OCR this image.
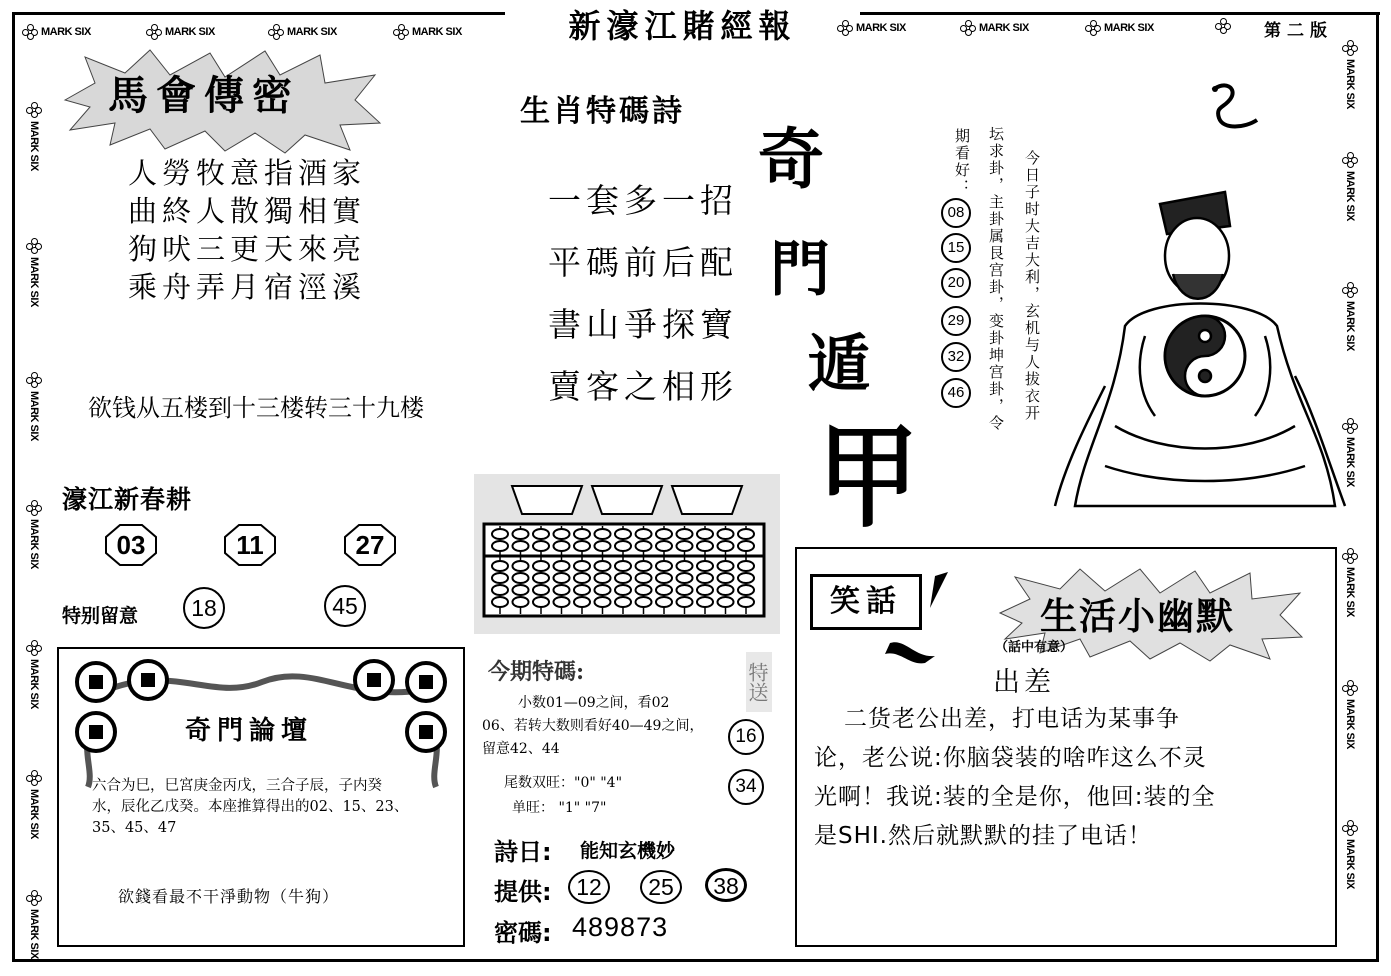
新濠江賭經報	第二版
馬會傳密
人勞牧意指酒家
曲終人散獨相實
狗吠三更天來亮
乘舟弄月宿涇溪
欲钱从五楼到十三楼转三十九楼
濠江新春耕
03	11	27
特别留意	18	45
奇門論壇
六合为巳，巳宮庚金丙戊，三合子辰，子内癸水，辰化乙戊癸。本座推算得出的02、15、23、35、45、47
欲錢看最不干淨動物（牛狗）
生肖特碼詩
一套多一招
平碼前后配
書山爭探寶
賣客之相形
奇
門
遁
甲
今日子时大吉大利，玄机与人拔衣开
坛求卦，主卦属艮宫卦，变卦坤宫卦，令
期看好：
08
15
20
29
32
46
今期特碼:	特送
小数01—09之间，看02
06、若转大数则看好40—49之间，
留意42、44
尾数双旺："0" "4"
单旺： "1" "7"
16
34
詩日: 能知玄機妙
提供:	12	25	38
密碼: 489873
笑話	生活小幽默
（話中有意）
出差
二货老公出差，打电话为某事争
论，老公说:你脑袋装的啥咋这么不灵
光啊！我说:装的全是你，他回:装的全
是SHI.然后就默默的挂了电话！
MARK SIX	MARK SIX	MARK SIX	MARK SIX	MARK SIX	MARK SIX	MARK SIX
MARK SIX
MARK SIX
MARK SIX
MARK SIX
MARK SIX
MARK SIX
MARK SIX
MARK SIX
MARK SIX
MARK SIX
MARK SIX
MARK SIX
MARK SIX
MARK SIX
